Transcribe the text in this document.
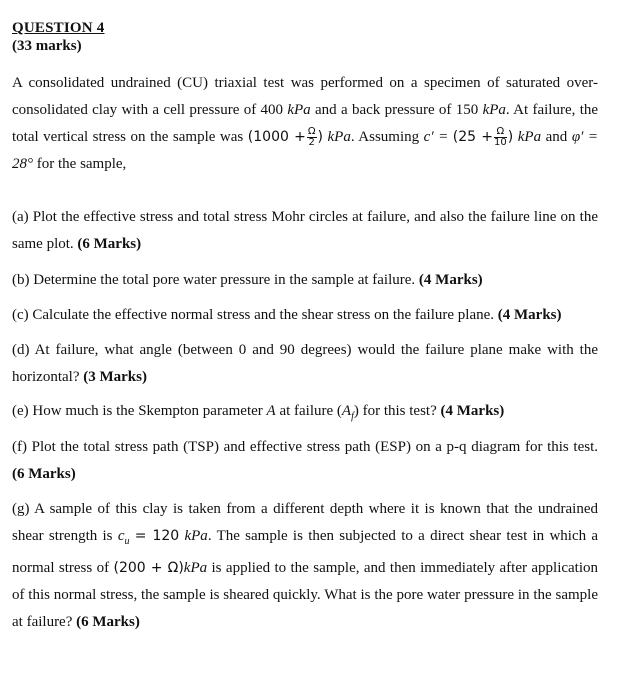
QUESTION 4
(33 marks)
A consolidated undrained (CU) triaxial test was performed on a specimen of saturated over-consolidated clay with a cell pressure of 400 kPa and a back pressure of 150 kPa. At failure, the total vertical stress on the sample was ($1000 + \frac{\Omega}{2}$ ) kPa. Assuming $c' = (25 + \frac{\Omega}{10}$ ) kPa and φ′ = 28° for the sample,
(a) Plot the effective stress and total stress Mohr circles at failure, and also the failure line on the same plot. (6 Marks)
(b) Determine the total pore water pressure in the sample at failure. (4 Marks)
(c) Calculate the effective normal stress and the shear stress on the failure plane. (4 Marks)
(d) At failure, what angle (between 0 and 90 degrees) would the failure plane make with the horizontal? (3 Marks)
(e) How much is the Skempton parameter A at failure $(A_f)$ for this test? (4 Marks)
(f) Plot the total stress path (TSP) and effective stress path (ESP) on a p-q diagram for this test. (6 Marks)
(g) A sample of this clay is taken from a different depth where it is known that the undrained shear strength is $c_u = 120$ kPa. The sample is then subjected to a direct shear test in which a normal stress of (200 + Ω)kPa is applied to the sample, and then immediately after application of this normal stress, the sample is sheared quickly. What is the pore water pressure in the sample at failure? (6 Marks)
